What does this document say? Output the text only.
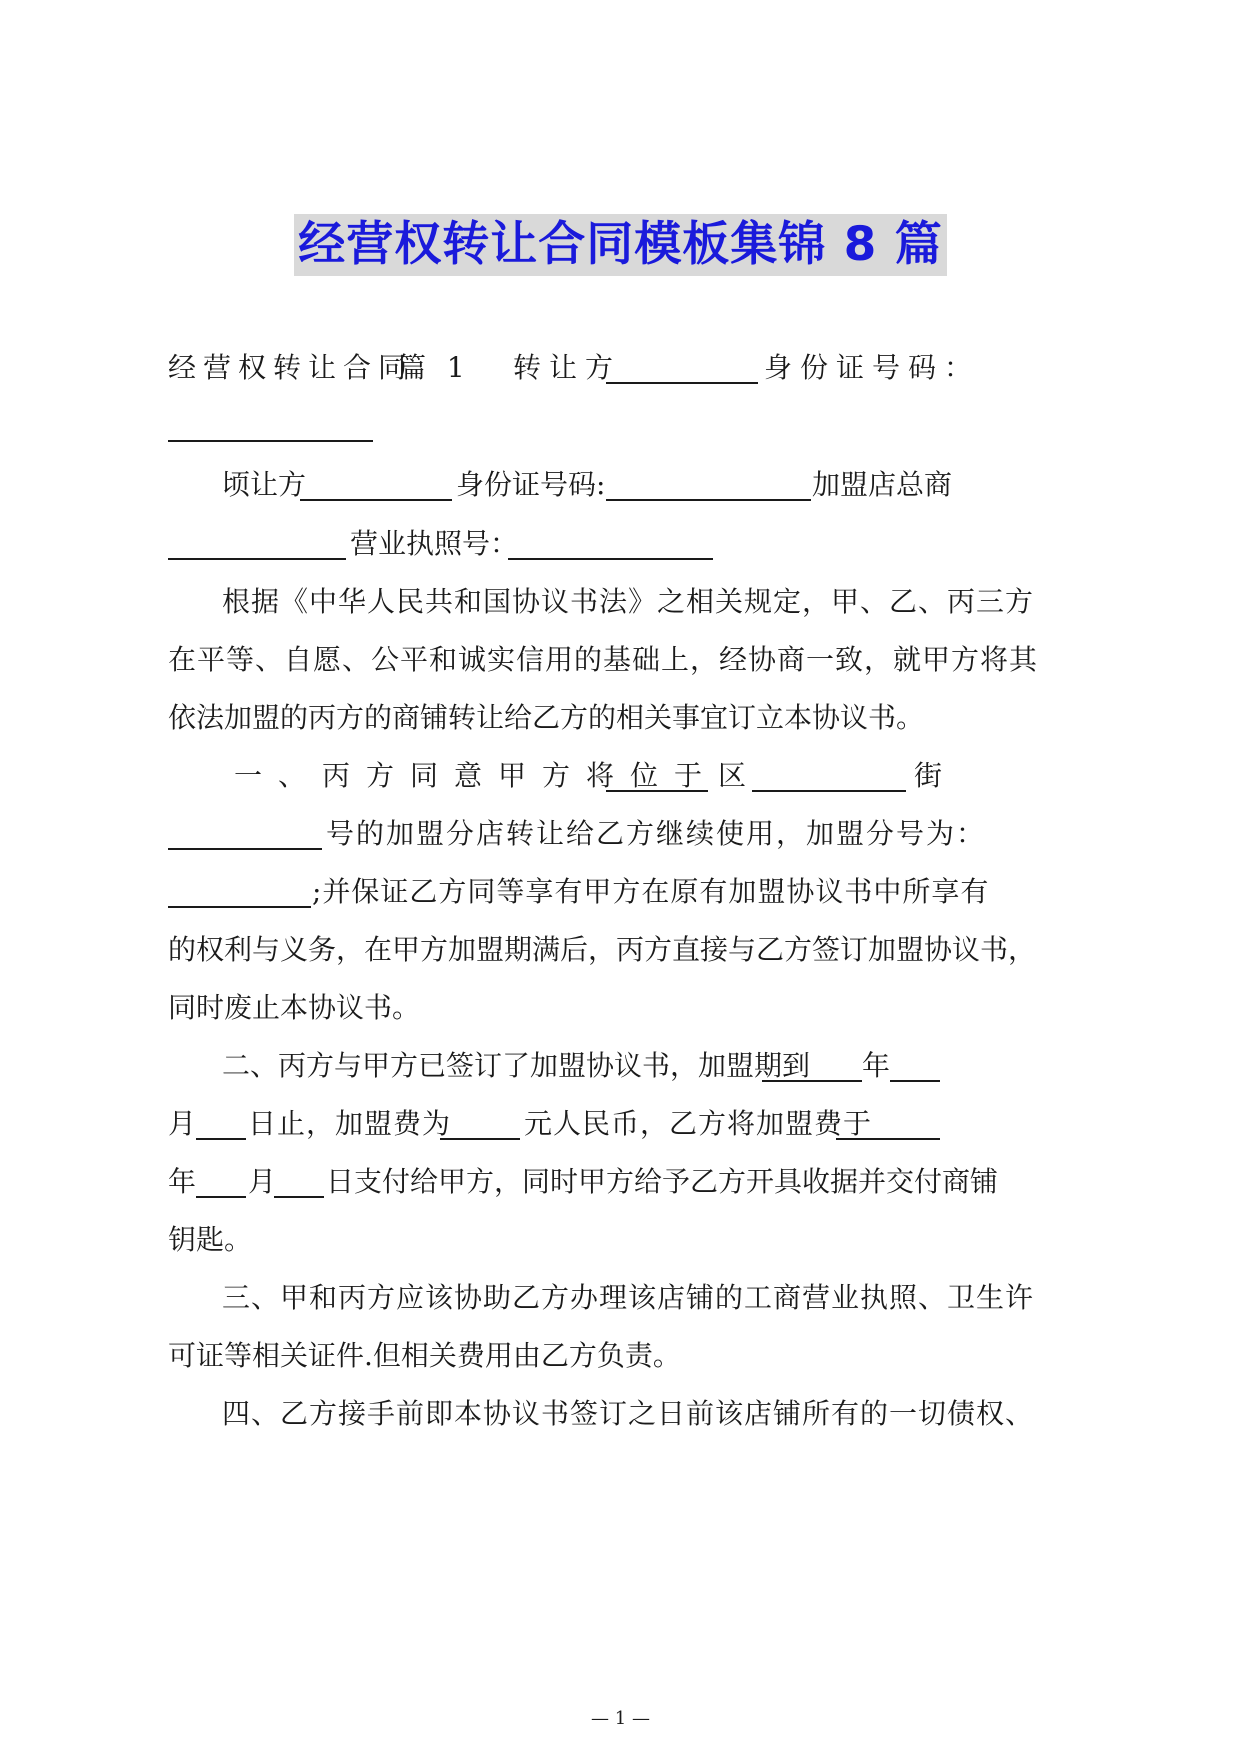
经营权转让合同模板集锦 8 篇
经营权转让合同
篇 1 转让方	身份证号码：
顷让方	身份证号码:	加盟店总商
营业执照号：
根据《中华人民共和国协议书法》之相关规定，甲、乙、丙三方
在平等、自愿、公平和诚实信用的基础上，经协商一致，就甲方将其
依法加盟的丙方的商铺转让给乙方的相关事宜订立本协议书。
一、丙方同意甲方将位于 区	街
号的加盟分店转让给乙方继续使用，加盟分号为：
;并保证乙方同等享有甲方在原有加盟协议书中所享有
的权利与义务，在甲方加盟期满后，丙方直接与乙方签订加盟协议书，
同时废止本协议书。
二、丙方与甲方已签订了加盟协议书，加盟期到 年
月 日止，加盟费为	元人民币，乙方将加盟费于
年 月 日支付给甲方，同时甲方给予乙方开具收据并交付商铺
钥匙。
三、甲和丙方应该协助乙方办理该店铺的工商营业执照、卫生许
可证等相关证件.但相关费用由乙方负责。
四、乙方接手前即本协议书签订之日前该店铺所有的一切债权、
— 1 —
